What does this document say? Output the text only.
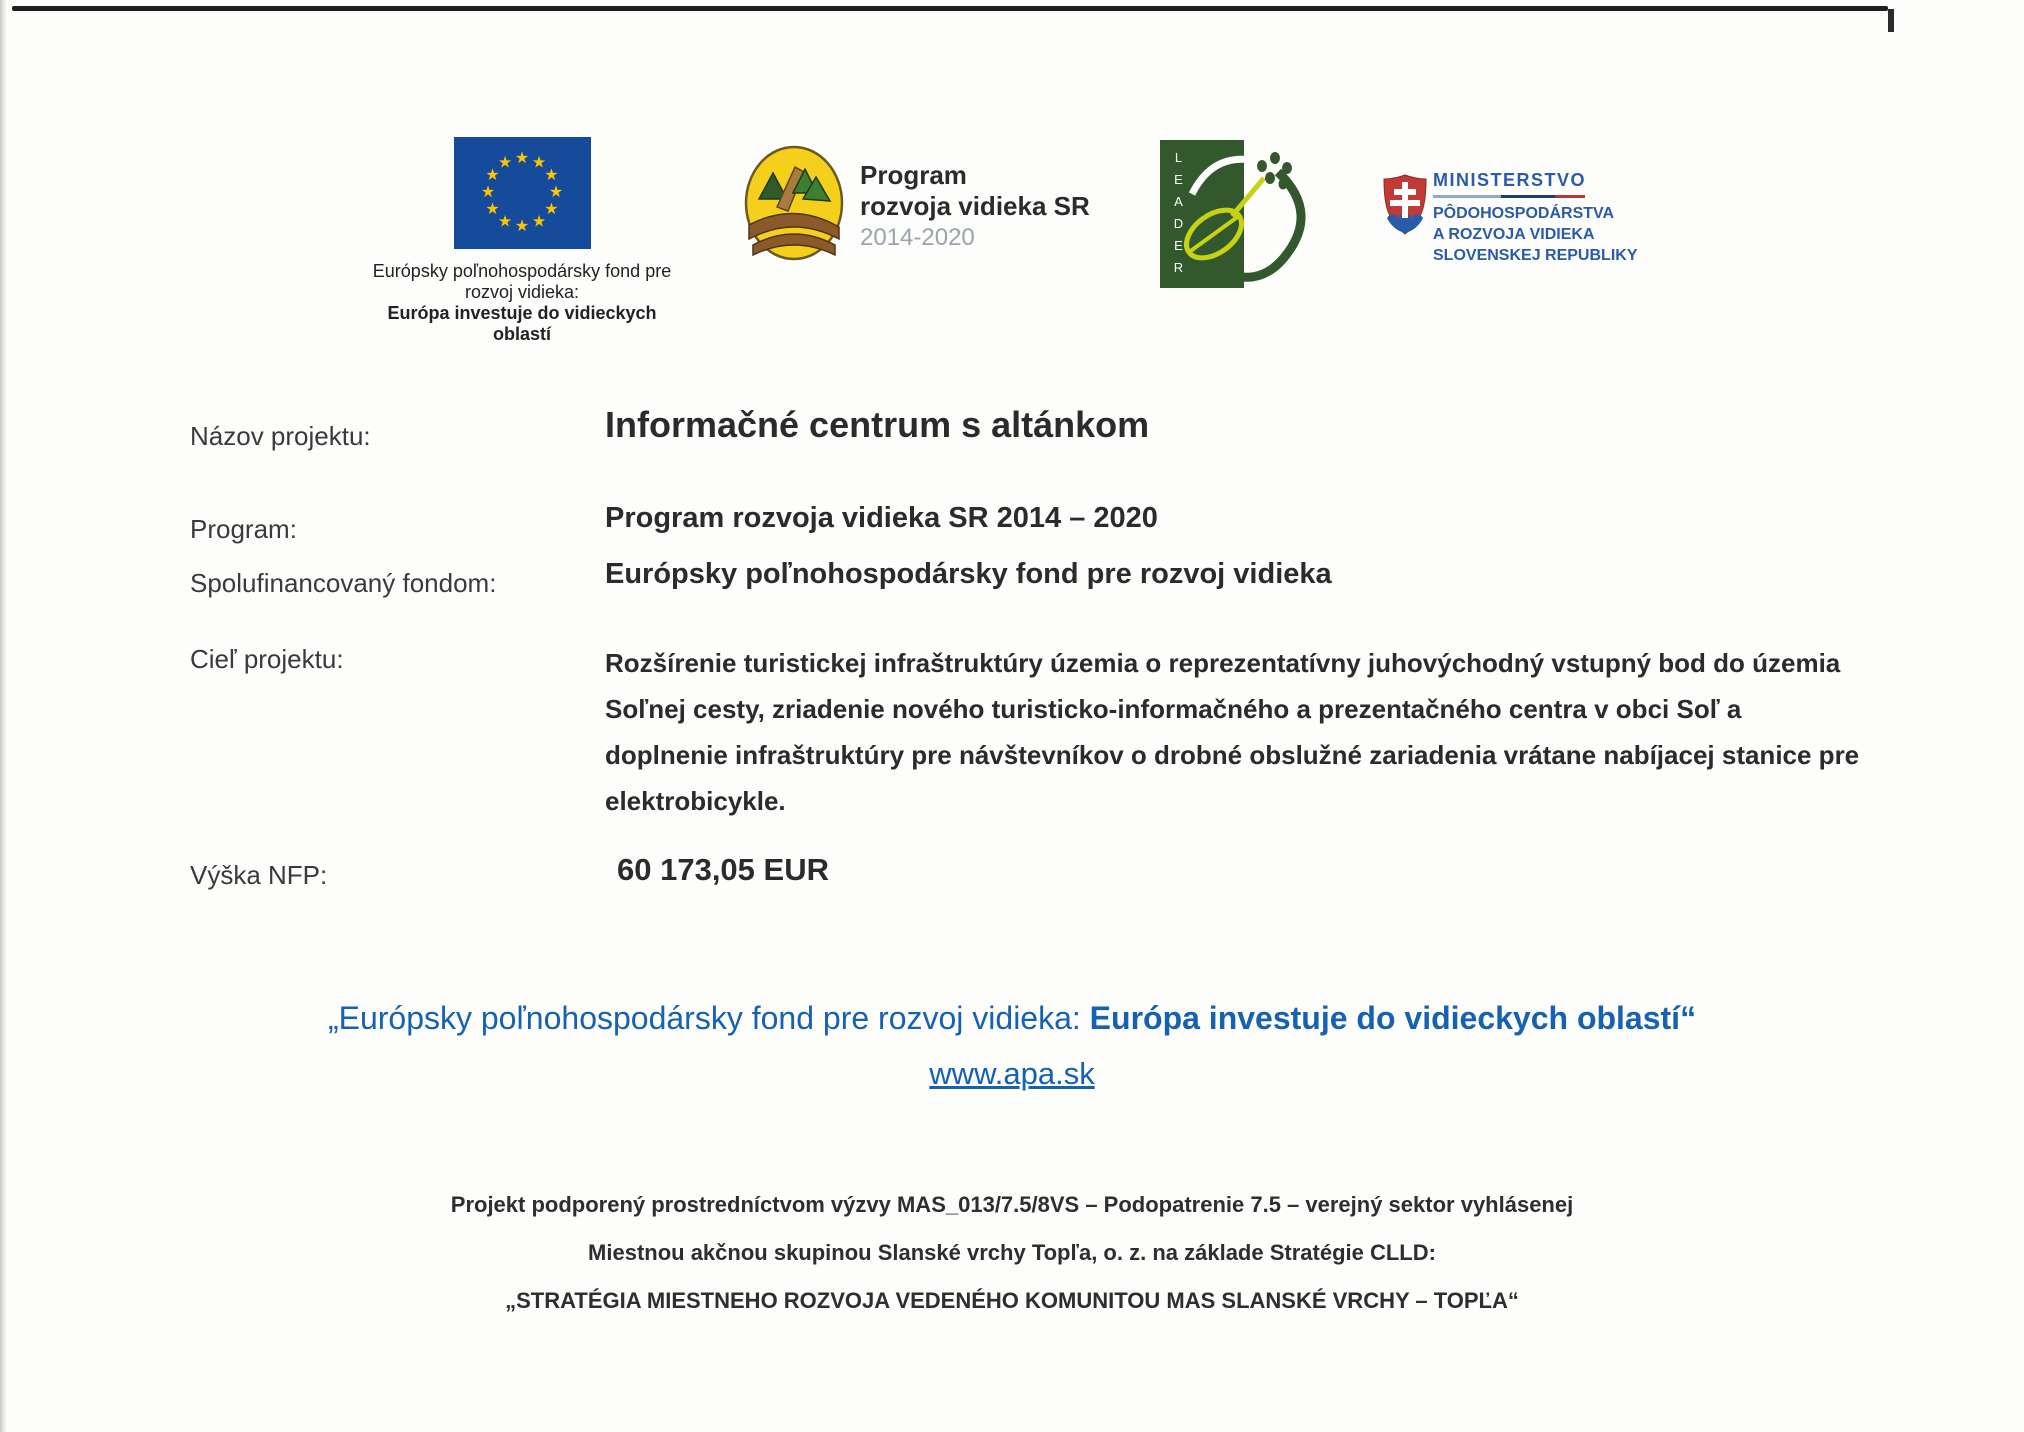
★ ★
★
★
★
★
★
★
★
★
★
★
Európsky poľnohospodársky fond pre rozvoj vidieka:
Európa investuje do vidieckych oblastí
Program
rozvoja vidieka SR
2014-2020	LEADER	MINISTERSTVO
PÔDOHOSPODÁRSTVA
A ROZVOJA VIDIEKA
SLOVENSKEJ REPUBLIKY
Názov projektu:	Informačné centrum s altánkom
Program:	Program rozvoja vidieka SR 2014 – 2020
Spolufinancovaný fondom:	Európsky poľnohospodársky fond pre rozvoj vidieka
Cieľ projektu:	Rozšírenie turistickej infraštruktúry územia o reprezentatívny juhovýchodný vstupný bod do územia Soľnej cesty, zriadenie nového turisticko-informačného a prezentačného centra v obci Soľ a doplnenie infraštruktúry pre návštevníkov o drobné obslužné zariadenia vrátane nabíjacej stanice pre elektrobicykle.

Výška NFP:	60 173,05 EUR
„Európsky poľnohospodársky fond pre rozvoj vidieka: Európa investuje do vidieckych oblastí“
www.apa.sk
Projekt podporený prostredníctvom výzvy MAS_013/7.5/8VS – Podopatrenie 7.5 – verejný sektor vyhlásenej
Miestnou akčnou skupinou Slanské vrchy Topľa, o. z. na základe Stratégie CLLD:
„STRATÉGIA MIESTNEHO ROZVOJA VEDENÉHO KOMUNITOU MAS SLANSKÉ VRCHY – TOPĽA“
